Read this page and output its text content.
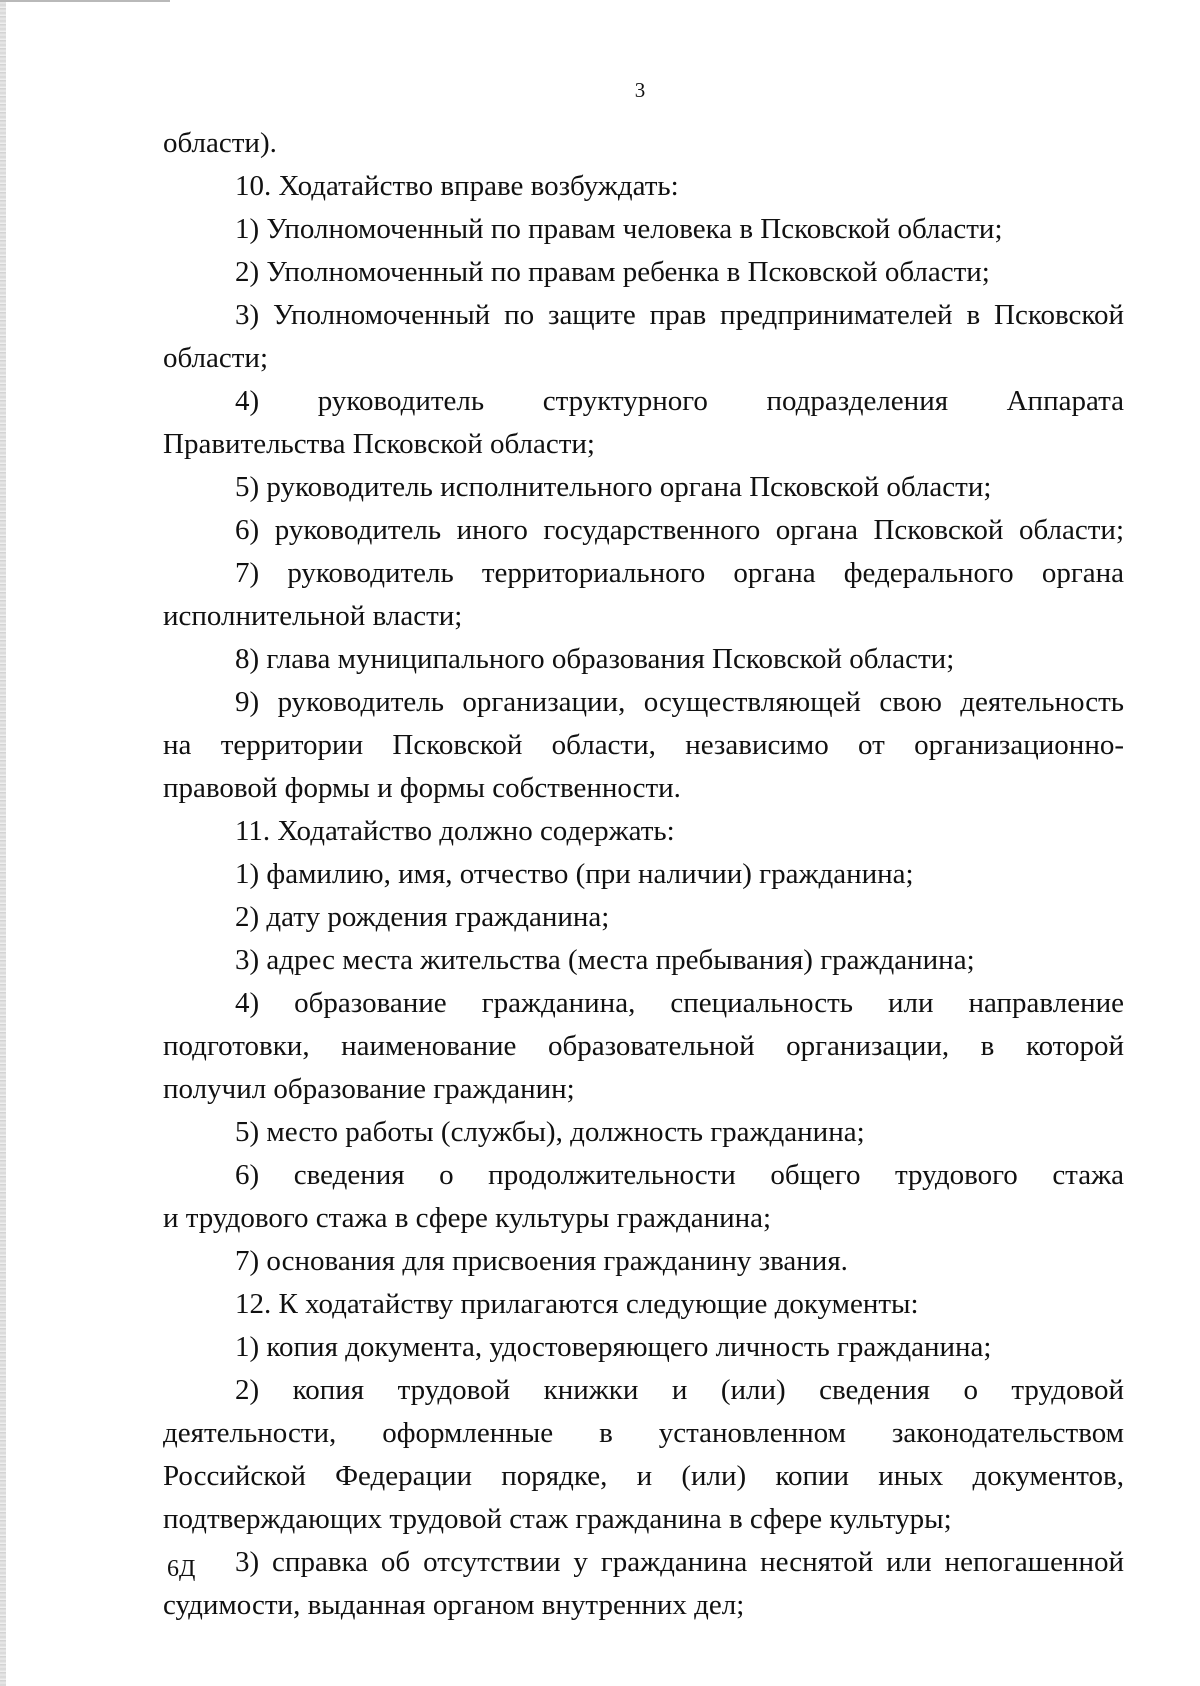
3
области).
10. Ходатайство вправе возбуждать:
1) Уполномоченный по правам человека в Псковской области;
2) Уполномоченный по правам ребенка в Псковской области;
3) Уполномоченный по защите прав предпринимателей в Псковской
области;
4) руководитель структурного подразделения Аппарата
Правительства Псковской области;
5) руководитель исполнительного органа Псковской области;
6) руководитель иного государственного органа Псковской области;
7) руководитель территориального органа федерального органа
исполнительной власти;
8) глава муниципального образования Псковской области;
9) руководитель организации, осуществляющей свою деятельность
на территории Псковской области, независимо от организационно-
правовой формы и формы собственности.
11. Ходатайство должно содержать:
1) фамилию, имя, отчество (при наличии) гражданина;
2) дату рождения гражданина;
3) адрес места жительства (места пребывания) гражданина;
4) образование гражданина, специальность или направление
подготовки, наименование образовательной организации, в которой
получил образование гражданин;
5) место работы (службы), должность гражданина;
6) сведения о продолжительности общего трудового стажа
и трудового стажа в сфере культуры гражданина;
7) основания для присвоения гражданину звания.
12. К ходатайству прилагаются следующие документы:
1) копия документа, удостоверяющего личность гражданина;
2) копия трудовой книжки и (или) сведения о трудовой
деятельности, оформленные в установленном законодательством
Российской Федерации порядке, и (или) копии иных документов,
подтверждающих трудовой стаж гражданина в сфере культуры;
3) справка об отсутствии у гражданина неснятой или непогашенной
судимости, выданная органом внутренних дел;
6Д
